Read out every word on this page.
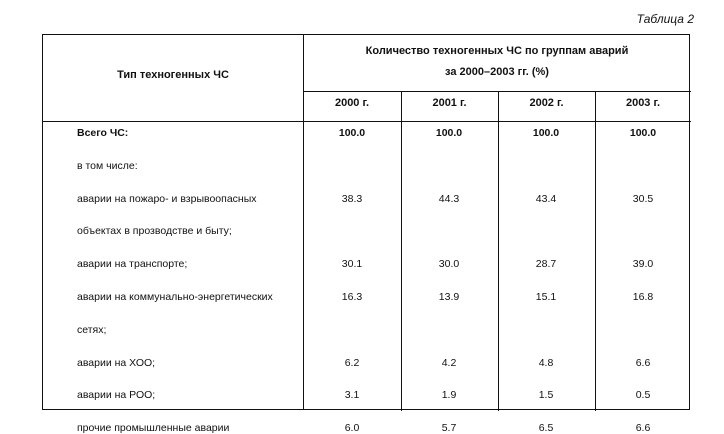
Таблица 2
Тип техногенных ЧС
Количество техногенных ЧС по группам аварий
за 2000–2003 гг. (%)
2000 г.	2001 г.	2002 г.	2003 г.
Всего ЧС:	100.0	100.0	100.0	100.0
в том числе:
аварии на пожаро- и взрывоопасных	38.3	44.3	43.4	30.5
объектах в прозводстве и быту;
аварии на транспорте;	30.1	30.0	28.7	39.0
аварии на коммунально-энергетических	16.3	13.9	15.1	16.8
сетях;
аварии на ХОО;	6.2	4.2	4.8	6.6
аварии на РОО;	3.1	1.9	1.5	0.5
прочие промышленные аварии	6.0	5.7	6.5	6.6
